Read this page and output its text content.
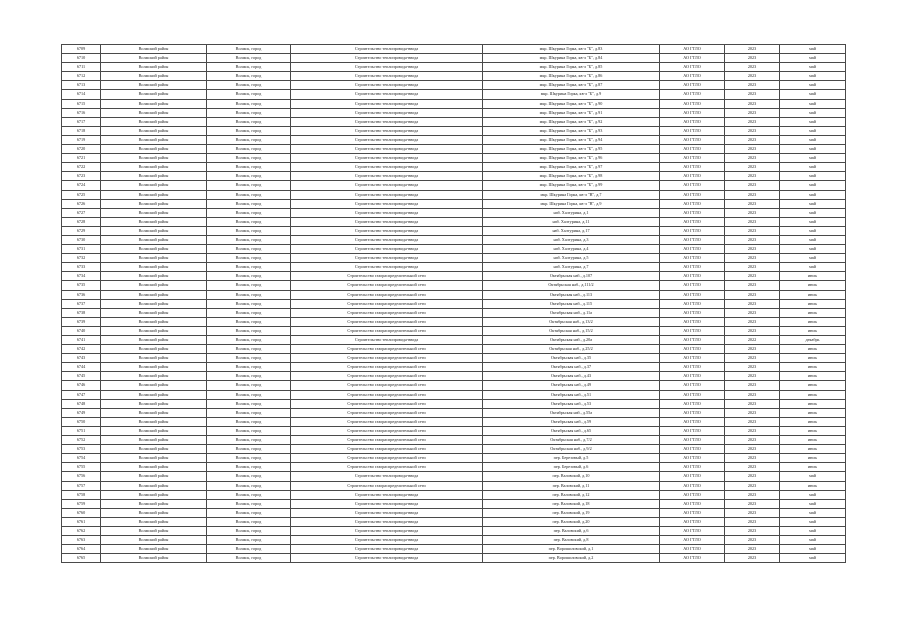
6709	Волжский район	Волжск, город	Строительство теплопровода-ввода	мкр. Шкурина Горка, кв-л "Б", д.83	АО ГТЛО	2023	май
6710	Волжский район	Волжск, город	Строительство теплопровода-ввода	мкр. Шкурина Горка, кв-л "Б", д.84	АО ГТЛО	2023	май
6711	Волжский район	Волжск, город	Строительство теплопровода-ввода	мкр. Шкурина Горка, кв-л "Б", д.85	АО ГТЛО	2023	май
6712	Волжский район	Волжск, город	Строительство теплопровода-ввода	мкр. Шкурина Горка, кв-л "Б", д.86	АО ГТЛО	2023	май
6713	Волжский район	Волжск, город	Строительство теплопровода-ввода	мкр. Шкурина Горка, кв-л "Б", д.87	АО ГТЛО	2023	май
6714	Волжский район	Волжск, город	Строительство теплопровода-ввода	мкр. Шкурина Горка, кв-л "Б", д.9	АО ГТЛО	2023	май
6715	Волжский район	Волжск, город	Строительство теплопровода-ввода	мкр. Шкурина Горка, кв-л "Б", д.90	АО ГТЛО	2023	май
6716	Волжский район	Волжск, город	Строительство теплопровода-ввода	мкр. Шкурина Горка, кв-л "Б", д.91	АО ГТЛО	2023	май
6717	Волжский район	Волжск, город	Строительство теплопровода-ввода	мкр. Шкурина Горка, кв-л "Б", д.92	АО ГТЛО	2023	май
6718	Волжский район	Волжск, город	Строительство теплопровода-ввода	мкр. Шкурина Горка, кв-л "Б", д.93	АО ГТЛО	2023	май
6719	Волжский район	Волжск, город	Строительство теплопровода-ввода	мкр. Шкурина Горка, кв-л "Б", д.94	АО ГТЛО	2023	май
6720	Волжский район	Волжск, город	Строительство теплопровода-ввода	мкр. Шкурина Горка, кв-л "Б", д.95	АО ГТЛО	2023	май
6721	Волжский район	Волжск, город	Строительство теплопровода-ввода	мкр. Шкурина Горка, кв-л "Б", д.96	АО ГТЛО	2023	май
6722	Волжский район	Волжск, город	Строительство теплопровода-ввода	мкр. Шкурина Горка, кв-л "Б", д.97	АО ГТЛО	2023	май
6723	Волжский район	Волжск, город	Строительство теплопровода-ввода	мкр. Шкурина Горка, кв-л "Б", д.98	АО ГТЛО	2023	май
6724	Волжский район	Волжск, город	Строительство теплопровода-ввода	мкр. Шкурина Горка, кв-л "Б", д.99	АО ГТЛО	2023	май
6725	Волжский район	Волжск, город	Строительство теплопровода-ввода	мкр. Шкурина Горка, кв-л "В", д.7	АО ГТЛО	2023	май
6726	Волжский район	Волжск, город	Строительство теплопровода-ввода	мкр. Шкурина Горка, кв-л "В", д.9	АО ГТЛО	2023	май
6727	Волжский район	Волжск, город	Строительство теплопровода-ввода	наб. Халтурина, д.1	АО ГТЛО	2023	май
6728	Волжский район	Волжск, город	Строительство теплопровода-ввода	наб. Халтурина, д.11	АО ГТЛО	2023	май
6729	Волжский район	Волжск, город	Строительство теплопровода-ввода	наб. Халтурина, д.17	АО ГТЛО	2023	май
6730	Волжский район	Волжск, город	Строительство теплопровода-ввода	наб. Халтурина, д.3	АО ГТЛО	2023	май
6731	Волжский район	Волжск, город	Строительство теплопровода-ввода	наб. Халтурина, д.4	АО ГТЛО	2023	май
6732	Волжский район	Волжск, город	Строительство теплопровода-ввода	наб. Халтурина, д.5	АО ГТЛО	2023	май
6733	Волжский район	Волжск, город	Строительство теплопровода-ввода	наб. Халтурина, д.7	АО ГТЛО	2023	май
6734	Волжский район	Волжск, город	Строительство газораспределительной сети	Октябрьская наб., д.107	АО ГТЛО	2023	июль
6735	Волжский район	Волжск, город	Строительство газораспределительной сети	Октябрьская наб., д.111/2	АО ГТЛО	2023	июль
6736	Волжский район	Волжск, город	Строительство газораспределительной сети	Октябрьская наб., д.113	АО ГТЛО	2023	июль
6737	Волжский район	Волжск, город	Строительство газораспределительной сети	Октябрьская наб., д.115	АО ГТЛО	2023	июль
6738	Волжский район	Волжск, город	Строительство газораспределительной сети	Октябрьская наб., д.11а	АО ГТЛО	2023	июль
6739	Волжский район	Волжск, город	Строительство газораспределительной сети	Октябрьская наб., д.13/2	АО ГТЛО	2023	июль
6740	Волжский район	Волжск, город	Строительство газораспределительной сети	Октябрьская наб., д.15/2	АО ГТЛО	2023	июль
6741	Волжский район	Волжск, город	Строительство теплопровода-ввода	Октябрьская наб., д.20а	АО ГТЛО	2022	декабрь
6742	Волжский район	Волжск, город	Строительство газораспределительной сети	Октябрьская наб., д.25/2	АО ГТЛО	2023	июль
6743	Волжский район	Волжск, город	Строительство газораспределительной сети	Октябрьская наб., д.35	АО ГТЛО	2023	июль
6744	Волжский район	Волжск, город	Строительство газораспределительной сети	Октябрьская наб., д.37	АО ГТЛО	2023	июль
6745	Волжский район	Волжск, город	Строительство газораспределительной сети	Октябрьская наб., д.43	АО ГТЛО	2023	июль
6746	Волжский район	Волжск, город	Строительство газораспределительной сети	Октябрьская наб., д.49	АО ГТЛО	2023	июль
6747	Волжский район	Волжск, город	Строительство газораспределительной сети	Октябрьская наб., д.51	АО ГТЛО	2023	июль
6748	Волжский район	Волжск, город	Строительство газораспределительной сети	Октябрьская наб., д.53	АО ГТЛО	2023	июль
6749	Волжский район	Волжск, город	Строительство газораспределительной сети	Октябрьская наб., д.55а	АО ГТЛО	2023	июль
6750	Волжский район	Волжск, город	Строительство газораспределительной сети	Октябрьская наб., д.59	АО ГТЛО	2023	июль
6751	Волжский район	Волжск, город	Строительство газораспределительной сети	Октябрьская наб., д.65	АО ГТЛО	2023	июль
6752	Волжский район	Волжск, город	Строительство газораспределительной сети	Октябрьская наб., д.7/2	АО ГТЛО	2023	июль
6753	Волжский район	Волжск, город	Строительство газораспределительной сети	Октябрьская наб., д.9/2	АО ГТЛО	2023	июль
6754	Волжский район	Волжск, город	Строительство газораспределительной сети	пер. Березовый, д.5	АО ГТЛО	2023	июль
6755	Волжский район	Волжск, город	Строительство газораспределительной сети	пер. Березовый, д.6	АО ГТЛО	2023	июль
6756	Волжский район	Волжск, город	Строительство теплопровода-ввода	пер. Валовский, д.10	АО ГТЛО	2023	май
6757	Волжский район	Волжск, город	Строительство газораспределительной сети	пер. Валовский, д.11	АО ГТЛО	2023	июль
6758	Волжский район	Волжск, город	Строительство теплопровода-ввода	пер. Валовский, д.12	АО ГТЛО	2023	май
6759	Волжский район	Волжск, город	Строительство теплопровода-ввода	пер. Валовский, д.18	АО ГТЛО	2023	май
6760	Волжский район	Волжск, город	Строительство теплопровода-ввода	пер. Валовский, д.19	АО ГТЛО	2023	май
6761	Волжский район	Волжск, город	Строительство теплопровода-ввода	пер. Валовский, д.20	АО ГТЛО	2023	май
6762	Волжский район	Волжск, город	Строительство теплопровода-ввода	пер. Валовский, д.6	АО ГТЛО	2023	май
6763	Волжский район	Волжск, город	Строительство теплопровода-ввода	пер. Валовский, д.8	АО ГТЛО	2023	май
6764	Волжский район	Волжск, город	Строительство теплопровода-ввода	пер. Ворошиловский, д.1	АО ГТЛО	2023	май
6765	Волжский район	Волжск, город	Строительство теплопровода-ввода	пер. Ворошиловский, д.2	АО ГТЛО	2023	май
